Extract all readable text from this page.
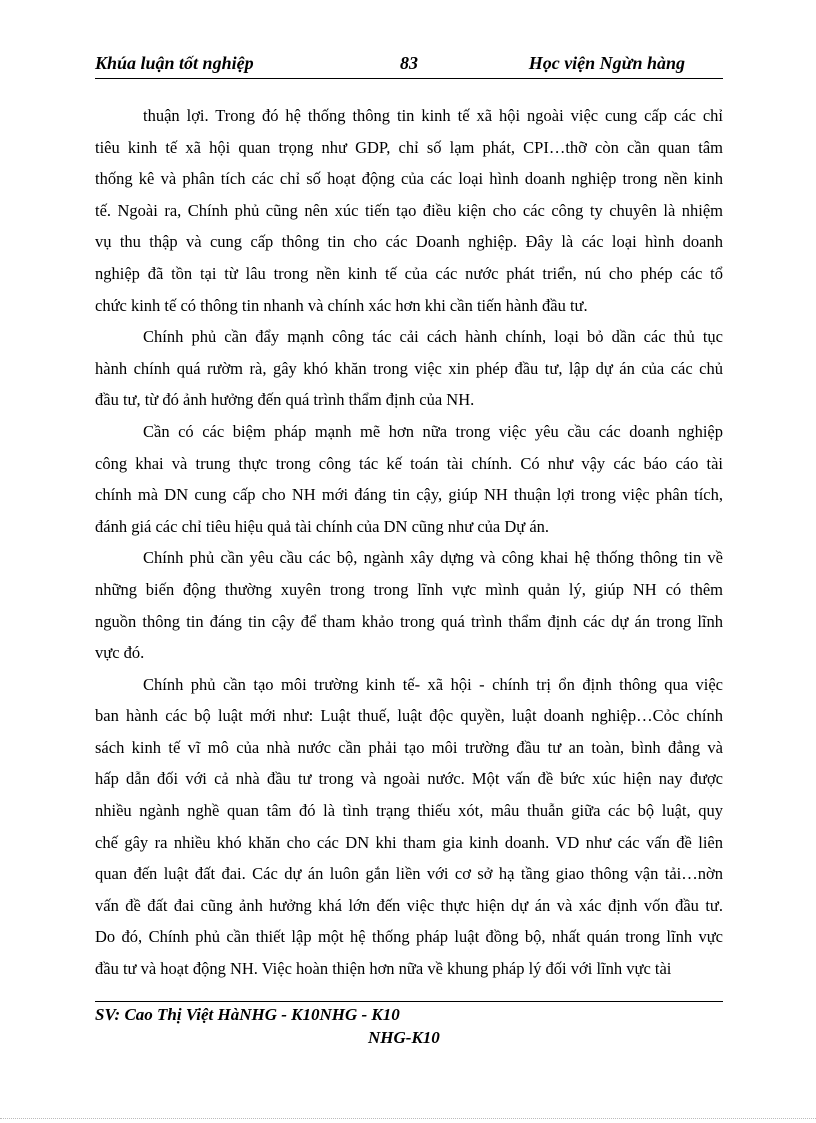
Khúa luận tốt nghiệp	83	Học viện Ngừn hàng
thuận lợi. Trong đó hệ thống thông tin kinh tế xã hội ngoài việc cung cấp các chỉ
tiêu kinh tế xã hội quan trọng như GDP, chỉ số lạm phát, CPI…thỡ còn cần quan tâm
thống kê và phân tích các chỉ số hoạt động của các loại hình doanh nghiệp trong nền kinh
tế. Ngoài ra, Chính phủ cũng nên xúc tiến tạo điều kiện cho các công ty chuyên là nhiệm
vụ thu thập và cung cấp thông tin cho các Doanh nghiệp. Đây là các loại hình doanh
nghiệp đã tồn tại từ lâu trong nền kinh tế của các nước phát triển, nú cho phép các tổ
chức kinh tế có thông tin nhanh và chính xác hơn khi cần tiến hành đầu tư.
Chính phủ cần đẩy mạnh công tác cải cách hành chính, loại bỏ dần các thủ tục
hành chính quá rườm rà, gây khó khăn trong việc xin phép đầu tư, lập dự án của các chủ
đầu tư, từ đó ảnh hưởng đến quá trình thẩm định của NH.
Cần có các biệm pháp mạnh mẽ hơn nữa trong việc yêu cầu các doanh nghiệp
công khai và trung thực trong công tác kế toán tài chính. Có như vậy các báo cáo tài
chính mà DN cung cấp cho NH mới đáng tin cậy, giúp NH thuận lợi trong việc phân tích,
đánh giá các chỉ tiêu hiệu quả tài chính của DN cũng như của Dự án.
Chính phủ cần yêu cầu các bộ, ngành xây dựng và công khai hệ thống thông tin về
những biến động thường xuyên trong trong lĩnh vực mình quản lý, giúp NH có thêm
nguồn thông tin đáng tin cậy để tham khảo trong quá trình thẩm định các dự án trong lĩnh
vực đó.
Chính phủ cần tạo môi trường kinh tế- xã hội - chính trị ổn định thông qua việc
ban hành các bộ luật mới như: Luật thuế, luật độc quyền, luật doanh nghiệp…Cỏc chính
sách kinh tế vĩ mô của nhà nước cần phải tạo môi trường đầu tư an toàn, bình đẳng và
hấp dẫn đối với cả nhà đầu tư trong và ngoài nước. Một vấn đề bức xúc hiện nay được
nhiều ngành nghề quan tâm đó là tình trạng thiếu xót, mâu thuẫn giữa các bộ luật, quy
chế gây ra nhiều khó khăn cho các DN khi tham gia kinh doanh. VD như các vấn đề liên
quan đến luật đất đai. Các dự án luôn gắn liền với cơ sở hạ tầng giao thông vận tải…nờn
vấn đề đất đai cũng ảnh hưởng khá lớn đến việc thực hiện dự án và xác định vốn đầu tư.
Do đó, Chính phủ cần thiết lập một hệ thống pháp luật đồng bộ, nhất quán trong lĩnh vực
đầu tư và hoạt động NH. Việc hoàn thiện hơn nữa về khung pháp lý đối với lĩnh vực tài
SV: Cao Thị Việt HàNHG - K10NHG - K10
NHG-K10
